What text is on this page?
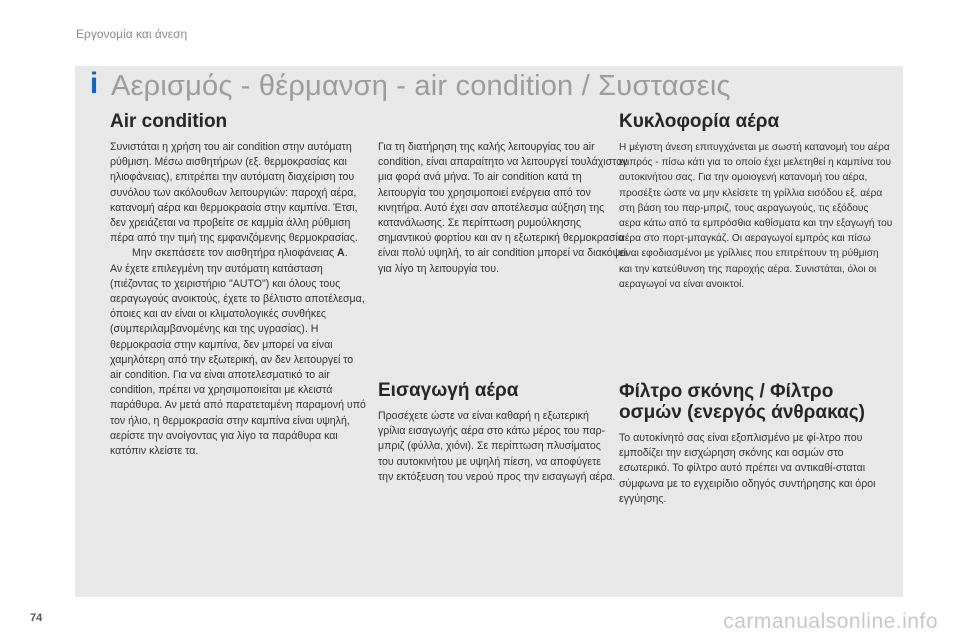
Εργονομία και άνεση
i Αερισμός - θέρμανση - air condition / Συστασεις
Air condition

Συνιστάται η χρήση του air condition στην αυτόματη ρύθμιση. Μέσω αισθητήρων (εξ. θερμοκρασίας και ηλιοφάνειας), επιτρέπει την αυτόματη διαχείριση του συνόλου των ακόλουθων λειτουργιών: παροχή αέρα, κατανομή αέρα και θερμοκρασία στην καμπίνα. Έτσι, δεν χρειάζεται να προβείτε σε καμμία άλλη ρύθμιση πέρα από την τιμή της εμφανιζόμενης θερμοκρασίας.

Μην σκεπάσετε τον αισθητήρα ηλιοφάνειας A.

Αν έχετε επιλεγμένη την αυτόματη κατάσταση (πιέζοντας το χειριστήριο "AUTO") και όλους τους αεραγωγούς ανοικτούς, έχετε το βέλτιστο αποτέλεσμα, όποιες και αν είναι οι κλιματολογικές συνθήκες (συμπεριλαμβανομένης και της υγρασίας). Η θερμοκρασία στην καμπίνα, δεν μπορεί να είναι χαμηλότερη από την εξωτερική, αν δεν λειτουργεί το air condition. Για να είναι αποτελεσματικό το air condition, πρέπει να χρησιμοποιείται με κλειστά παράθυρα. Αν μετά από παρατεταμένη παραμονή υπό τον ήλιο, η θερμοκρασία στην καμπίνα είναι υψηλή, αερίστε την ανοίγοντας για λίγο τα παράθυρα και κατόπιν κλείστε τα.

Για τη διατήρηση της καλής λειτουργίας του air condition, είναι απαραίτητο να λειτουργεί τουλάχιστον μια φορά ανά μήνα. Το air condition κατά τη λειτουργία του χρησιμοποιεί ενέργεια από τον κινητήρα. Αυτό έχει σαν αποτέλεσμα αύξηση της κατανάλωσης. Σε περίπτωση ρυμούλκησης σημαντικού φορτίου και αν η εξωτερική θερμοκρασία είναι πολύ υψηλή, το air condition μπορεί να διακόψει για λίγο τη λειτουργία του.

Εισαγωγή αέρα

Προσέχετε ώστε να είναι καθαρή η εξωτερική γρίλια εισαγωγής αέρα στο κάτω μέρος του παρ-μπριζ (φύλλα, χιόνι). Σε περίπτωση πλυσίματος του αυτοκινήτου με υψηλή πίεση, να αποφύγετε την εκτόξευση του νερού προς την εισαγωγή αέρα.

Κυκλοφορία αέρα

Η μέγιστη άνεση επιτυγχάνεται με σωστή κατανομή του αέρα εμπρός - πίσω κάτι για το οποίο έχει μελετηθεί η καμπίνα του αυτοκινήτου σας. Για την ομοιογενή κατανομή του αέρα, προσέξτε ώστε να μην κλείσετε τη γρίλλια εισόδου εξ. αέρα στη βάση του παρ-μπριζ, τους αεραγωγούς, τις εξόδους αερα κάτω από τα εμπρόσθια καθίσματα και την εξαγωγή του αέρα στο πορτ-μπαγκάζ. Οι αεραγωγοί εμπρός και πίσω είναι εφοδιασμένοι με γρίλλιες που επιτρέπουν τη ρύθμιση και την κατεύθυνση της παροχής αέρα. Συνιστάται, όλοι οι αεραγωγοί να είναι ανοικτοί.

Φίλτρο σκόνης / Φίλτρο οσμών (ενεργός άνθρακας)

Το αυτοκίνητό σας είναι εξοπλισμένο με φί-λτρο που εμποδίζει την εισχώρηση σκόνης και οσμών στο εσωτερικό. Το φίλτρο αυτό πρέπει να αντικαθί-σταται σύμφωνα με το εγχειρίδιο οδηγός συντήρησης και όροι εγγύησης.

74	carmanualsonline.info
